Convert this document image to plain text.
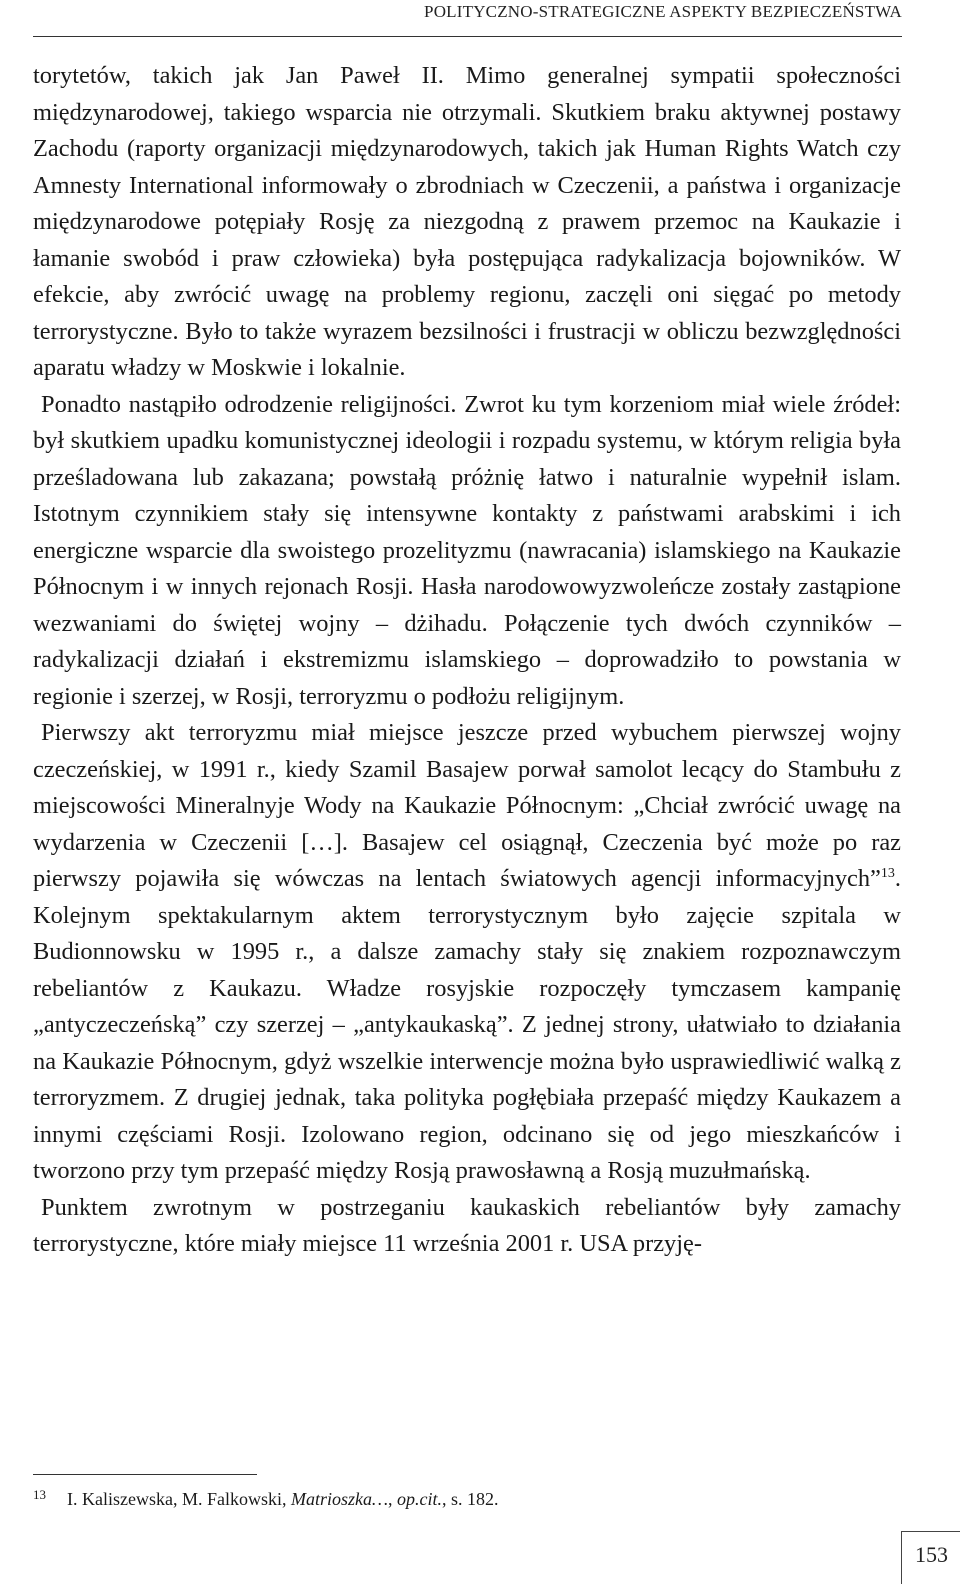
POLITYCZNO-STRATEGICZNE ASPEKTY BEZPIECZEŃSTWA

torytetów, takich jak Jan Paweł II. Mimo generalnej sympatii społeczności międzynarodowej, takiego wsparcia nie otrzymali. Skutkiem braku aktywnej postawy Zachodu (raporty organizacji międzynarodowych, takich jak Human Rights Watch czy Amnesty International informowały o zbrodniach w Czeczenii, a państwa i organizacje międzynarodowe potępiały Rosję za niezgodną z prawem przemoc na Kaukazie i łamanie swobód i praw człowieka) była postępująca radykalizacja bojowników. W efekcie, aby zwrócić uwagę na problemy regionu, zaczęli oni sięgać po metody terrorystyczne. Było to także wyrazem bezsilności i frustracji w obliczu bezwzględności aparatu władzy w Moskwie i lokalnie.

Ponadto nastąpiło odrodzenie religijności. Zwrot ku tym korzeniom miał wiele źródeł: był skutkiem upadku komunistycznej ideologii i rozpadu systemu, w którym religia była prześladowana lub zakazana; powstałą próżnię łatwo i naturalnie wypełnił islam. Istotnym czynnikiem stały się intensywne kontakty z państwami arabskimi i ich energiczne wsparcie dla swoistego prozelityzmu (nawracania) islamskiego na Kaukazie Północnym i w innych rejonach Rosji. Hasła narodowowyzwoleńcze zostały zastąpione wezwaniami do świętej wojny – dżihadu. Połączenie tych dwóch czynników – radykalizacji działań i ekstremizmu islamskiego – doprowadziło to powstania w regionie i szerzej, w Rosji, terroryzmu o podłożu religijnym.

Pierwszy akt terroryzmu miał miejsce jeszcze przed wybuchem pierwszej wojny czeczeńskiej, w 1991 r., kiedy Szamil Basajew porwał samolot lecący do Stambułu z miejscowości Mineralnyje Wody na Kaukazie Północnym: „Chciał zwrócić uwagę na wydarzenia w Czeczenii […]. Basajew cel osiągnął, Czeczenia być może po raz pierwszy pojawiła się wówczas na lentach światowych agencji informacyjnych”$^{13}$. Kolejnym spektakularnym aktem terrorystycznym było zajęcie szpitala w Budionnowsku w 1995 r., a dalsze zamachy stały się znakiem rozpoznawczym rebeliantów z Kaukazu. Władze rosyjskie rozpoczęły tymczasem kampanię „antyczeczeńską” czy szerzej – „antykaukaską”. Z jednej strony, ułatwiało to działania na Kaukazie Północnym, gdyż wszelkie interwencje można było usprawiedliwić walką z terroryzmem. Z drugiej jednak, taka polityka pogłębiała przepaść między Kaukazem a innymi częściami Rosji. Izolowano region, odcinano się od jego mieszkańców i tworzono przy tym przepaść między Rosją prawosławną a Rosją muzułmańską.

Punktem zwrotnym w postrzeganiu kaukaskich rebeliantów były zamachy terrorystyczne, które miały miejsce 11 września 2001 r. USA przyję-

13 I. Kaliszewska, M. Falkowski, Matrioszka…, op.cit., s. 182.
153
